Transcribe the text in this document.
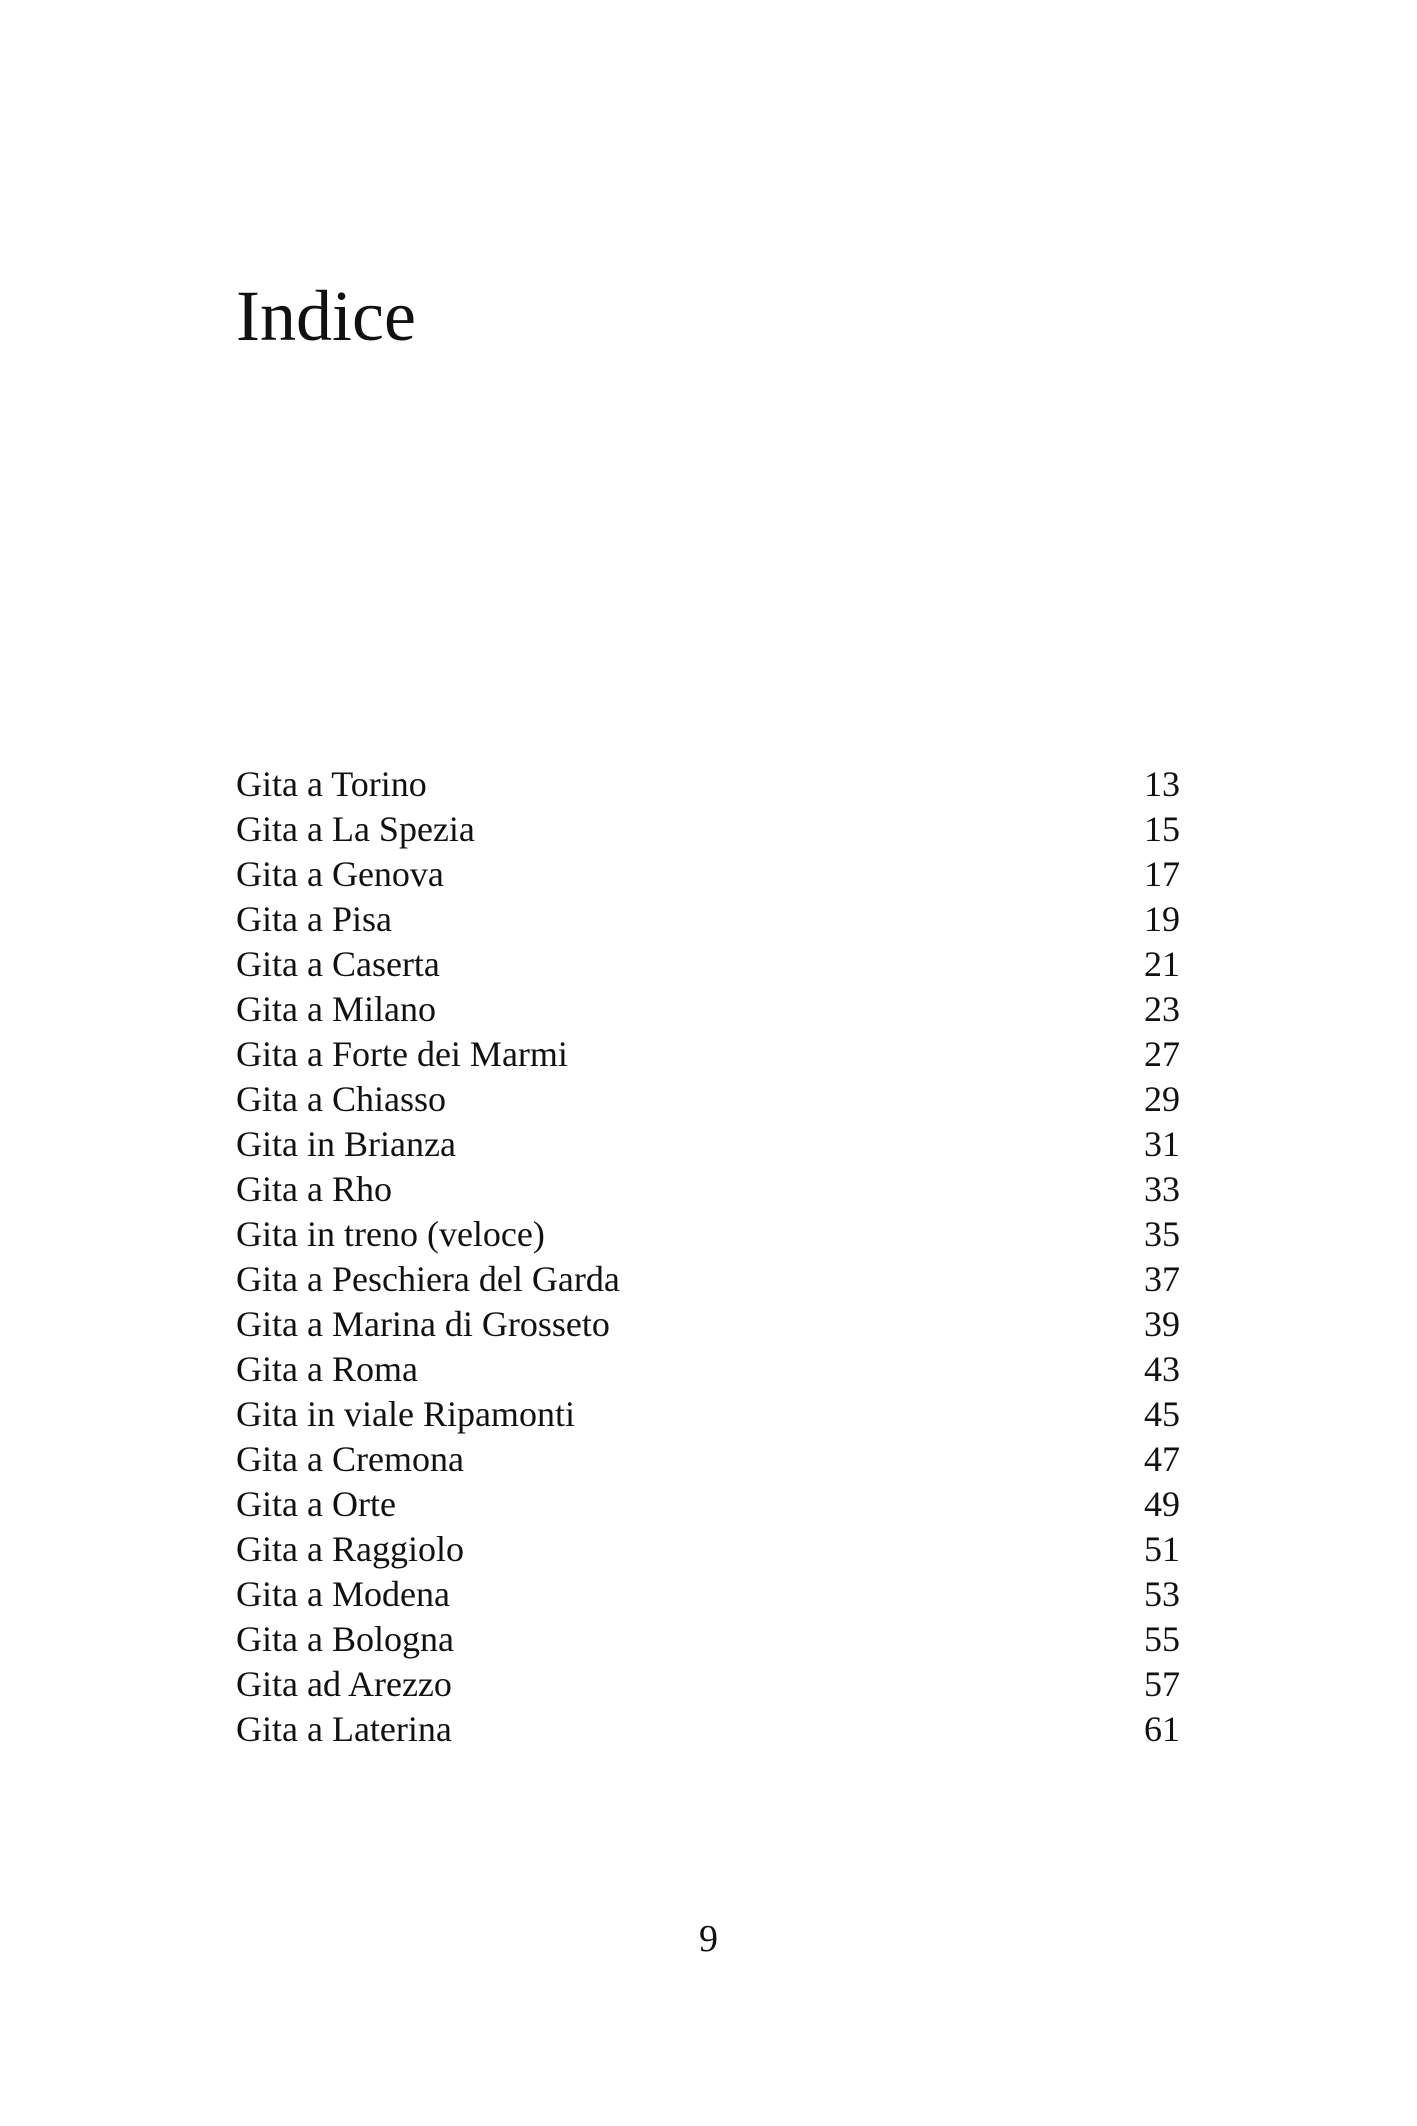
Indice
Gita a Torino	13
Gita a La Spezia	15
Gita a Genova	17
Gita a Pisa	19
Gita a Caserta	21
Gita a Milano	23
Gita a Forte dei Marmi	27
Gita a Chiasso	29
Gita in Brianza	31
Gita a Rho	33
Gita in treno (veloce)	35
Gita a Peschiera del Garda	37
Gita a Marina di Grosseto	39
Gita a Roma	43
Gita in viale Ripamonti	45
Gita a Cremona	47
Gita a Orte	49
Gita a Raggiolo	51
Gita a Modena	53
Gita a Bologna	55
Gita ad Arezzo	57
Gita a Laterina	61
9
